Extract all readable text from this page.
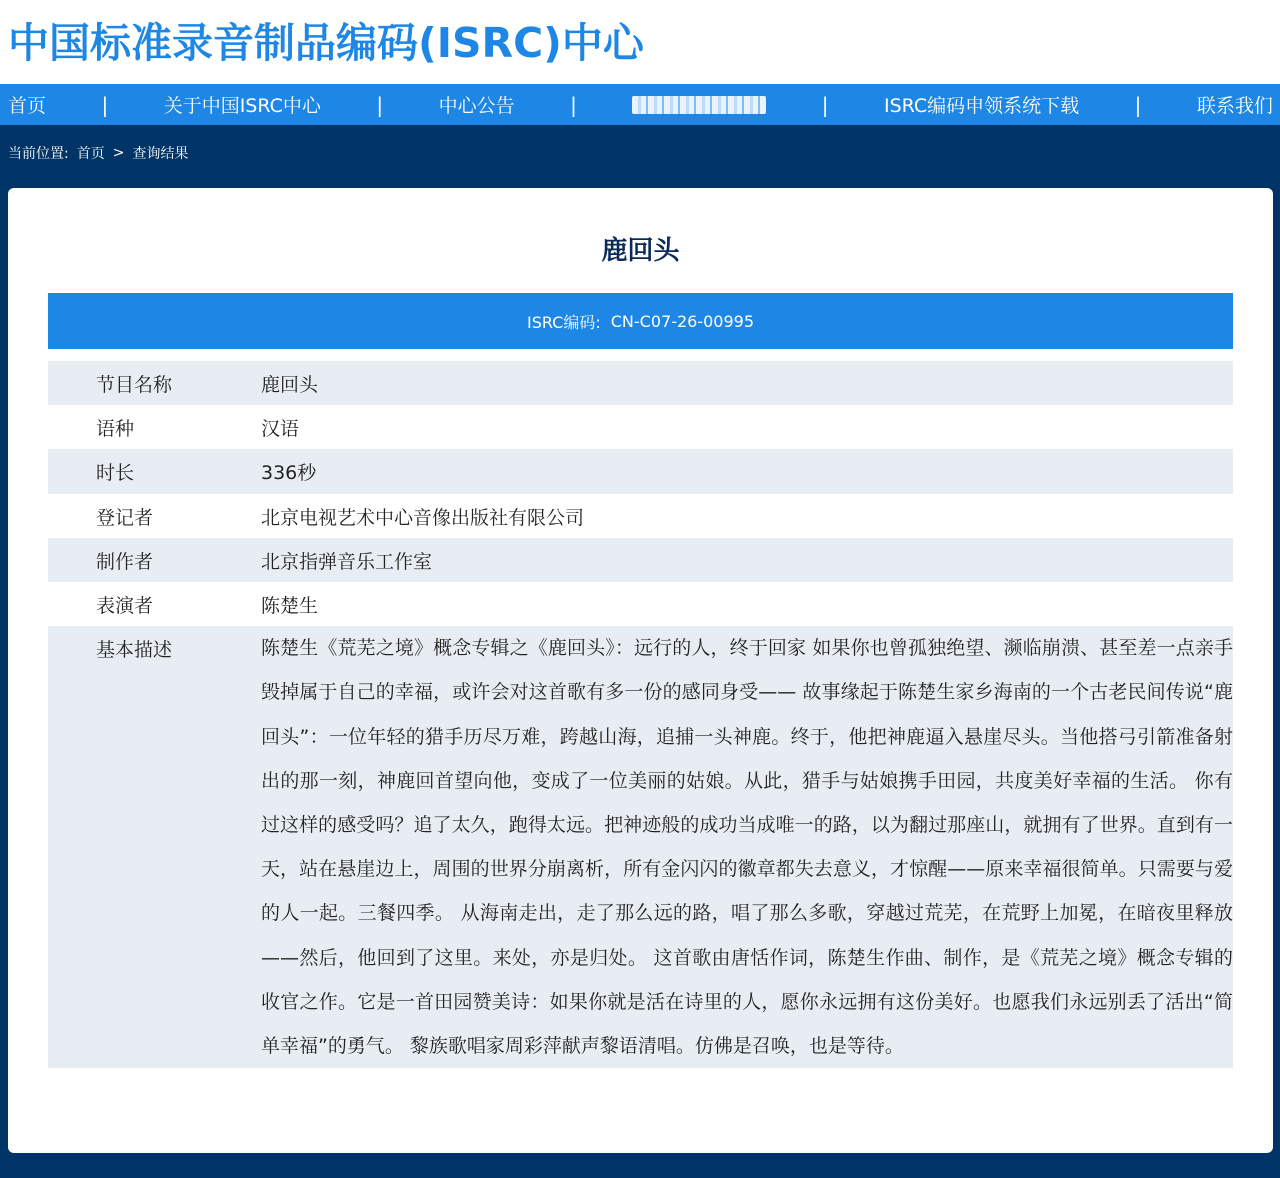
中国标准录音制品编码(ISRC)中心
首页	|	关于中国ISRC中心	|	中心公告	|	|	ISRC编码申领系统下载	|	联系我们
当前位置: 首页 > 查询结果
鹿回头
ISRC编码: CN-C07-26-00995
节目名称	鹿回头
语种	汉语
时长	336秒
登记者	北京电视艺术中心音像出版社有限公司
制作者	北京指弹音乐工作室
表演者	陈楚生
基本描述	陈楚生《荒芜之境》概念专辑之《鹿回头》：远行的人，终于回家 如果你也曾孤独绝望、濒临崩溃、甚至差一点亲手毁掉属于自己的幸福，或许会对这首歌有多一份的感同身受—— 故事缘起于陈楚生家乡海南的一个古老民间传说“鹿回头”：一位年轻的猎手历尽万难，跨越山海，追捕一头神鹿。终于，他把神鹿逼入悬崖尽头。当他搭弓引箭准备射出的那一刻，神鹿回首望向他，变成了一位美丽的姑娘。从此，猎手与姑娘携手田园，共度美好幸福的生活。 你有过这样的感受吗？追了太久，跑得太远。把神迹般的成功当成唯一的路，以为翻过那座山，就拥有了世界。直到有一天，站在悬崖边上，周围的世界分崩离析，所有金闪闪的徽章都失去意义，才惊醒——原来幸福很简单。只需要与爱的人一起。三餐四季。 从海南走出，走了那么远的路，唱了那么多歌，穿越过荒芜，在荒野上加冕，在暗夜里释放——然后，他回到了这里。来处，亦是归处。 这首歌由唐恬作词，陈楚生作曲、制作，是《荒芜之境》概念专辑的收官之作。它是一首田园赞美诗：如果你就是活在诗里的人，愿你永远拥有这份美好。也愿我们永远别丢了活出“简单幸福”的勇气。 黎族歌唱家周彩萍献声黎语清唱。仿佛是召唤，也是等待。
